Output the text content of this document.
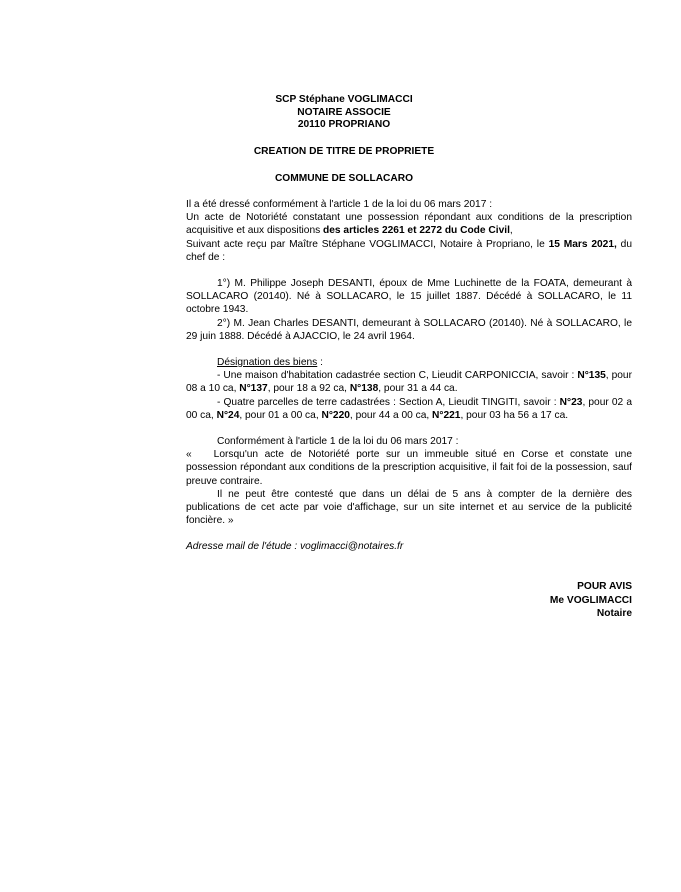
SCP Stéphane VOGLIMACCI
NOTAIRE ASSOCIE
20110 PROPRIANO
CREATION DE TITRE DE PROPRIETE
COMMUNE DE SOLLACARO

Il a été dressé conformément à l'article 1 de la loi du 06 mars 2017 :

Un acte de Notoriété constatant une possession répondant aux conditions de la prescription acquisitive et aux dispositions des articles 2261 et 2272 du Code Civil,

Suivant acte reçu par Maître Stéphane VOGLIMACCI, Notaire à Propriano, le 15 Mars 2021, du chef de :

1°) M. Philippe Joseph DESANTI, époux de Mme Luchinette de la FOATA, demeurant à SOLLACARO (20140). Né à SOLLACARO, le 15 juillet 1887. Décédé à SOLLACARO, le 11 octobre 1943.

2°) M. Jean Charles DESANTI, demeurant à SOLLACARO (20140). Né à SOLLACARO, le 29 juin 1888. Décédé à AJACCIO, le 24 avril 1964.

Désignation des biens :

- Une maison d'habitation cadastrée section C, Lieudit CARPONICCIA, savoir : N°135, pour 08 a 10 ca, N°137, pour 18 a 92 ca, N°138, pour 31 a 44 ca.

- Quatre parcelles de terre cadastrées : Section A, Lieudit TINGITI, savoir : N°23, pour 02 a 00 ca, N°24, pour 01 a 00 ca, N°220, pour 44 a 00 ca, N°221, pour 03 ha 56 a 17 ca.

Conformément à l'article 1 de la loi du 06 mars 2017 :

« Lorsqu'un acte de Notoriété porte sur un immeuble situé en Corse et constate une possession répondant aux conditions de la prescription acquisitive, il fait foi de la possession, sauf preuve contraire.

Il ne peut être contesté que dans un délai de 5 ans à compter de la dernière des publications de cet acte par voie d'affichage, sur un site internet et au service de la publicité foncière. »

Adresse mail de l'étude : voglimacci@notaires.fr

POUR AVIS
Me VOGLIMACCI
Notaire
